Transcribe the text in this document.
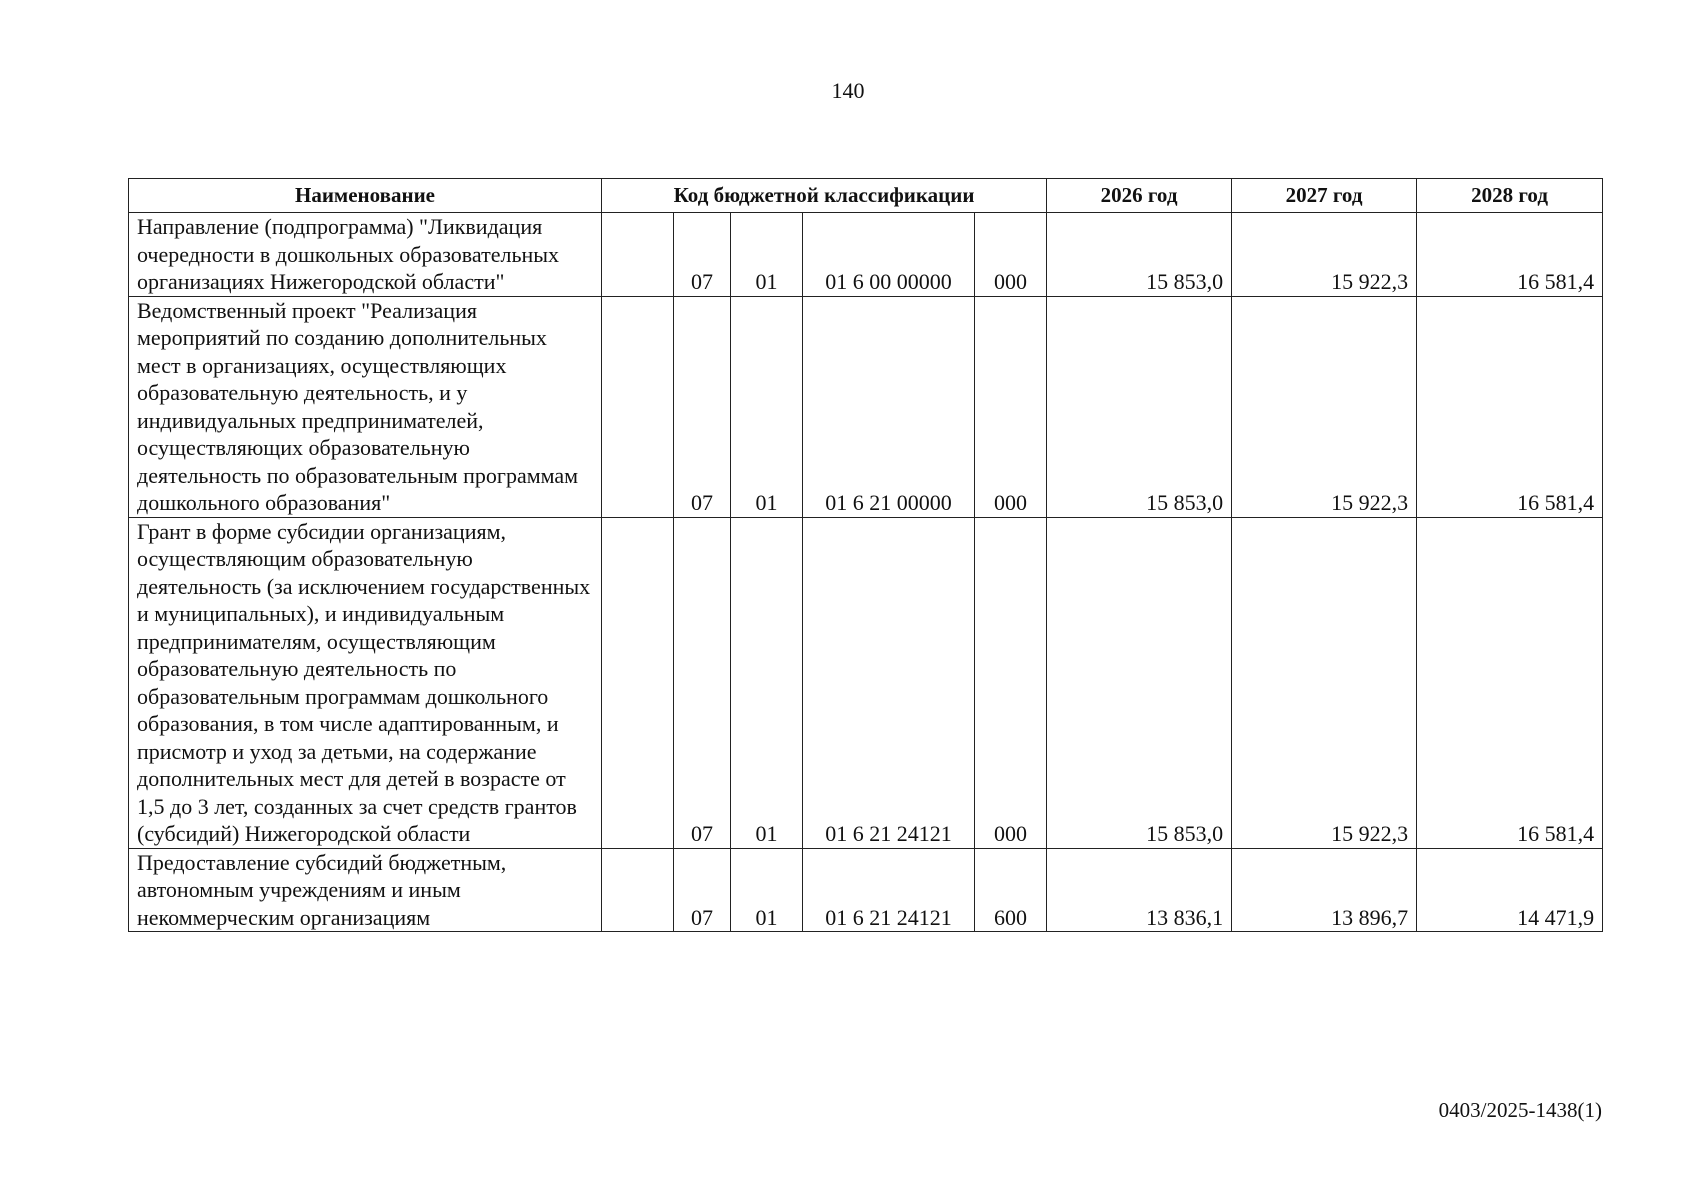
140
Наименование	Код бюджетной классификации					2026 год	2027 год	2028 год
Направление (подпрограмма) "Ликвидация очередности в дошкольных образовательных организациях Нижегородской области"		07	01	01 6 00 00000	000	15 853,0	15 922,3	16 581,4
Ведомственный проект "Реализация мероприятий по созданию дополнительных мест в организациях, осуществляющих образовательную деятельность, и у индивидуальных предпринимателей, осуществляющих образовательную деятельность по образовательным программам дошкольного образования"		07	01	01 6 21 00000	000	15 853,0	15 922,3	16 581,4
Грант в форме субсидии организациям, осуществляющим образовательную деятельность (за исключением государственных и муниципальных), и индивидуальным предпринимателям, осуществляющим образовательную деятельность по образовательным программам дошкольного образования, в том числе адаптированным, и присмотр и уход за детьми, на содержание дополнительных мест для детей в возрасте от 1,5 до 3 лет, созданных за счет средств грантов (субсидий) Нижегородской области		07	01	01 6 21 24121	000	15 853,0	15 922,3	16 581,4
Предоставление субсидий бюджетным, автономным учреждениям и иным некоммерческим организациям		07	01	01 6 21 24121	600	13 836,1	13 896,7	14 471,9
0403/2025-1438(1)
